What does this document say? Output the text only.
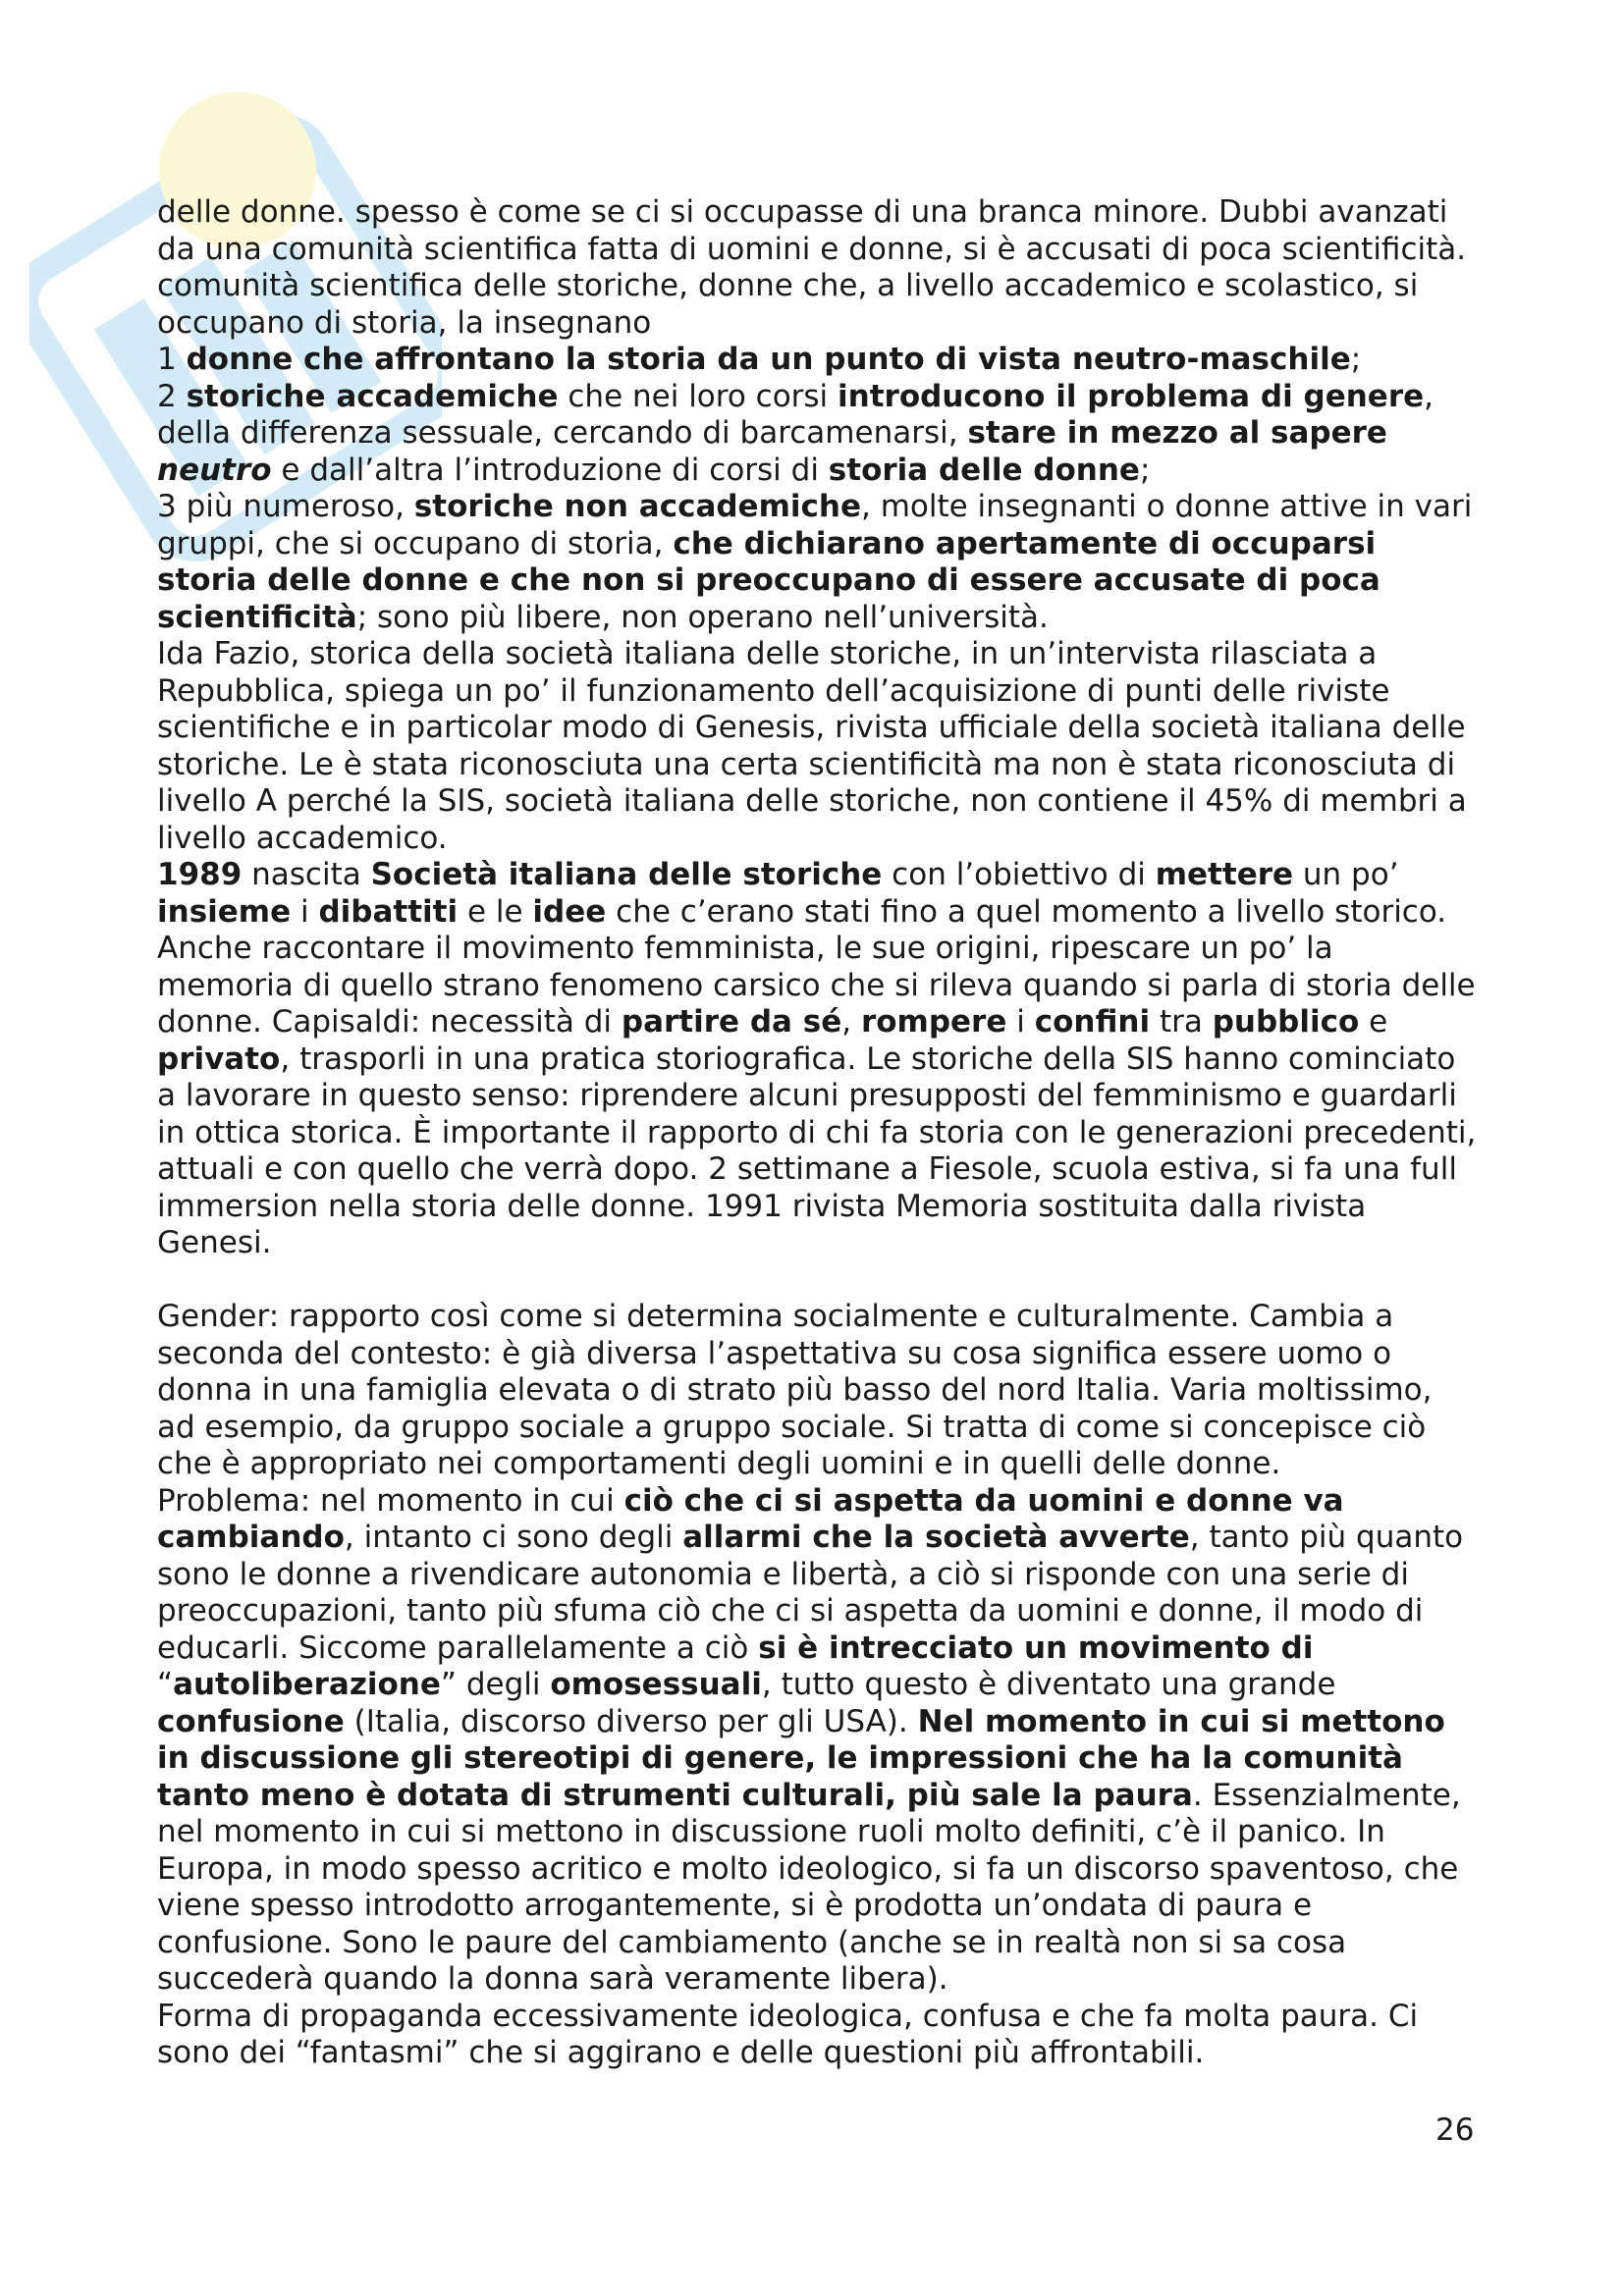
delle donne. spesso è come se ci si occupasse di una branca minore. Dubbi avanzati da una comunità scientifica fatta di uomini e donne, si è accusati di poca scientificità.

comunità scientifica delle storiche, donne che, a livello accademico e scolastico, si occupano di storia, la insegnano

1 donne che affrontano la storia da un punto di vista neutro-maschile;

2 storiche accademiche che nei loro corsi introducono il problema di genere, della differenza sessuale, cercando di barcamenarsi, stare in mezzo al sapere neutro e dall’altra l’introduzione di corsi di storia delle donne;

3 più numeroso, storiche non accademiche, molte insegnanti o donne attive in vari gruppi, che si occupano di storia, che dichiarano apertamente di occuparsi storia delle donne e che non si preoccupano di essere accusate di poca scientificità; sono più libere, non operano nell’università.

Ida Fazio, storica della società italiana delle storiche, in un’intervista rilasciata a Repubblica, spiega un po’ il funzionamento dell’acquisizione di punti delle riviste scientifiche e in particolar modo di Genesis, rivista ufficiale della società italiana delle storiche. Le è stata riconosciuta una certa scientificità ma non è stata riconosciuta di livello A perché la SIS, società italiana delle storiche, non contiene il 45% di membri a livello accademico.

1989 nascita Società italiana delle storiche con l’obiettivo di mettere un po’ insieme i dibattiti e le idee che c’erano stati fino a quel momento a livello storico. Anche raccontare il movimento femminista, le sue origini, ripescare un po’ la memoria di quello strano fenomeno carsico che si rileva quando si parla di storia delle donne. Capisaldi: necessità di partire da sé, rompere i confini tra pubblico e privato, trasporli in una pratica storiografica. Le storiche della SIS hanno cominciato a lavorare in questo senso: riprendere alcuni presupposti del femminismo e guardarli in ottica storica. È importante il rapporto di chi fa storia con le generazioni precedenti, attuali e con quello che verrà dopo. 2 settimane a Fiesole, scuola estiva, si fa una full immersion nella storia delle donne. 1991 rivista Memoria sostituita dalla rivista Genesi.

Gender: rapporto così come si determina socialmente e culturalmente. Cambia a seconda del contesto: è già diversa l’aspettativa su cosa significa essere uomo o donna in una famiglia elevata o di strato più basso del nord Italia. Varia moltissimo, ad esempio, da gruppo sociale a gruppo sociale. Si tratta di come si concepisce ciò che è appropriato nei comportamenti degli uomini e in quelli delle donne.

Problema: nel momento in cui ciò che ci si aspetta da uomini e donne va cambiando, intanto ci sono degli allarmi che la società avverte, tanto più quanto sono le donne a rivendicare autonomia e libertà, a ciò si risponde con una serie di preoccupazioni, tanto più sfuma ciò che ci si aspetta da uomini e donne, il modo di educarli. Siccome parallelamente a ciò si è intrecciato un movimento di “autoliberazione” degli omosessuali, tutto questo è diventato una grande confusione (Italia, discorso diverso per gli USA). Nel momento in cui si mettono in discussione gli stereotipi di genere, le impressioni che ha la comunità tanto meno è dotata di strumenti culturali, più sale la paura. Essenzialmente, nel momento in cui si mettono in discussione ruoli molto definiti, c’è il panico. In Europa, in modo spesso acritico e molto ideologico, si fa un discorso spaventoso, che viene spesso introdotto arrogantemente, si è prodotta un’ondata di paura e confusione. Sono le paure del cambiamento (anche se in realtà non si sa cosa succederà quando la donna sarà veramente libera).

Forma di propaganda eccessivamente ideologica, confusa e che fa molta paura. Ci sono dei “fantasmi” che si aggirano e delle questioni più affrontabili.

26
